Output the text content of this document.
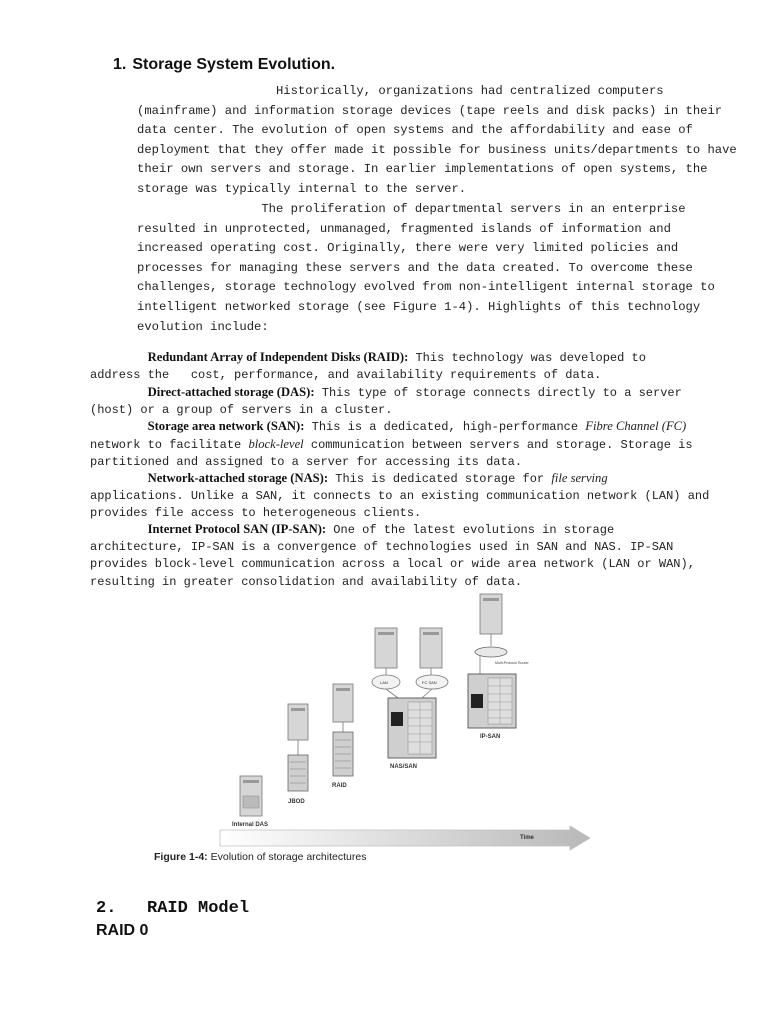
1. Storage System Evolution.
Historically, organizations had centralized computers
(mainframe) and information storage devices (tape reels and disk packs) in their
data center. The evolution of open systems and the affordability and ease of
deployment that they offer made it possible for business units/departments to have
their own servers and storage. In earlier implementations of open systems, the
storage was typically internal to the server.
The proliferation of departmental servers in an enterprise
resulted in unprotected, unmanaged, fragmented islands of information and
increased operating cost. Originally, there were very limited policies and
processes for managing these servers and the data created. To overcome these
challenges, storage technology evolved from non-intelligent internal storage to
intelligent networked storage (see Figure 1-4). Highlights of this technology
evolution include:
Redundant Array of Independent Disks (RAID): This technology was developed to
address the   cost, performance, and availability requirements of data.
Direct-attached storage (DAS): This type of storage connects directly to a server
(host) or a group of servers in a cluster.
Storage area network (SAN): This is a dedicated, high-performance Fibre Channel (FC)
network to facilitate block-level communication between servers and storage. Storage is
partitioned and assigned to a server for accessing its data.
Network-attached storage (NAS): This is dedicated storage for file serving
applications. Unlike a SAN, it connects to an existing communication network (LAN) and
provides file access to heterogeneous clients.
Internet Protocol SAN (IP-SAN): One of the latest evolutions in storage
architecture, IP-SAN is a convergence of technologies used in SAN and NAS. IP-SAN
provides block-level communication across a local or wide area network (LAN or WAN),
resulting in greater consolidation and availability of data.
Time
Internal DAS
JBOD
RAID
LAN	FC SAN
NAS/SAN
Multi-Protocol Router
IP-SAN
Figure 1-4: Evolution of storage architectures
2.   RAID Model
RAID 0
